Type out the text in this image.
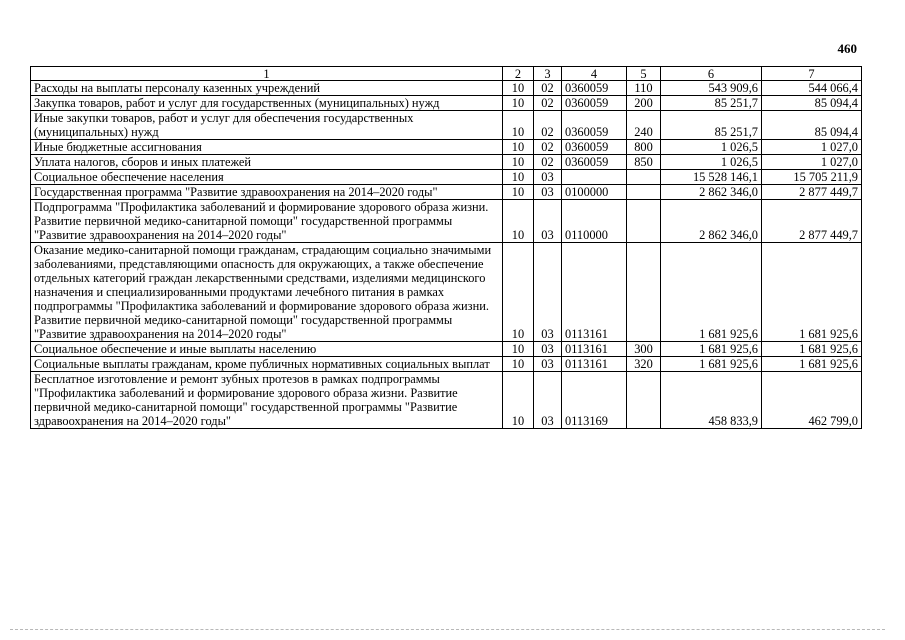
460
1	2	3	4	5	6	7
Расходы на выплаты персоналу казенных учреждений	10	02	0360059	110	543 909,6	544 066,4
Закупка товаров, работ и услуг для государственных (муниципальных) нужд	10	02	0360059	200	85 251,7	85 094,4
Иные закупки товаров, работ и услуг для обеспечения государственных (муниципальных) нужд	10	02	0360059	240	85 251,7	85 094,4
Иные бюджетные ассигнования	10	02	0360059	800	1 026,5	1 027,0
Уплата налогов, сборов и иных платежей	10	02	0360059	850	1 026,5	1 027,0
Социальное обеспечение населения	10	03			15 528 146,1	15 705 211,9
Государственная программа "Развитие здравоохранения на 2014–2020 годы"	10	03	0100000		2 862 346,0	2 877 449,7
Подпрограмма "Профилактика заболеваний и формирование здорового образа жизни. Развитие первичной медико-санитарной помощи" государственной программы "Развитие здравоохранения на 2014–2020 годы"	10	03	0110000		2 862 346,0	2 877 449,7
Оказание медико-санитарной помощи гражданам, страдающим социально значимыми заболеваниями, представляющими опасность для окружающих, а также обеспечение отдельных категорий граждан лекарственными средствами, изделиями медицинского назначения и специализированными продуктами лечебного питания в рамках подпрограммы "Профилактика заболеваний и формирование здорового образа жизни. Развитие первичной медико-санитарной помощи" государственной программы "Развитие здравоохранения на 2014–2020 годы"	10	03	0113161		1 681 925,6	1 681 925,6
Социальное обеспечение и иные выплаты населению	10	03	0113161	300	1 681 925,6	1 681 925,6
Социальные выплаты гражданам, кроме публичных нормативных социальных выплат	10	03	0113161	320	1 681 925,6	1 681 925,6
Бесплатное изготовление и ремонт зубных протезов в рамках подпрограммы "Профилактика заболеваний и формирование здорового образа жизни. Развитие первичной медико-санитарной помощи" государственной программы "Развитие здравоохранения на 2014–2020 годы"	10	03	0113169		458 833,9	462 799,0
